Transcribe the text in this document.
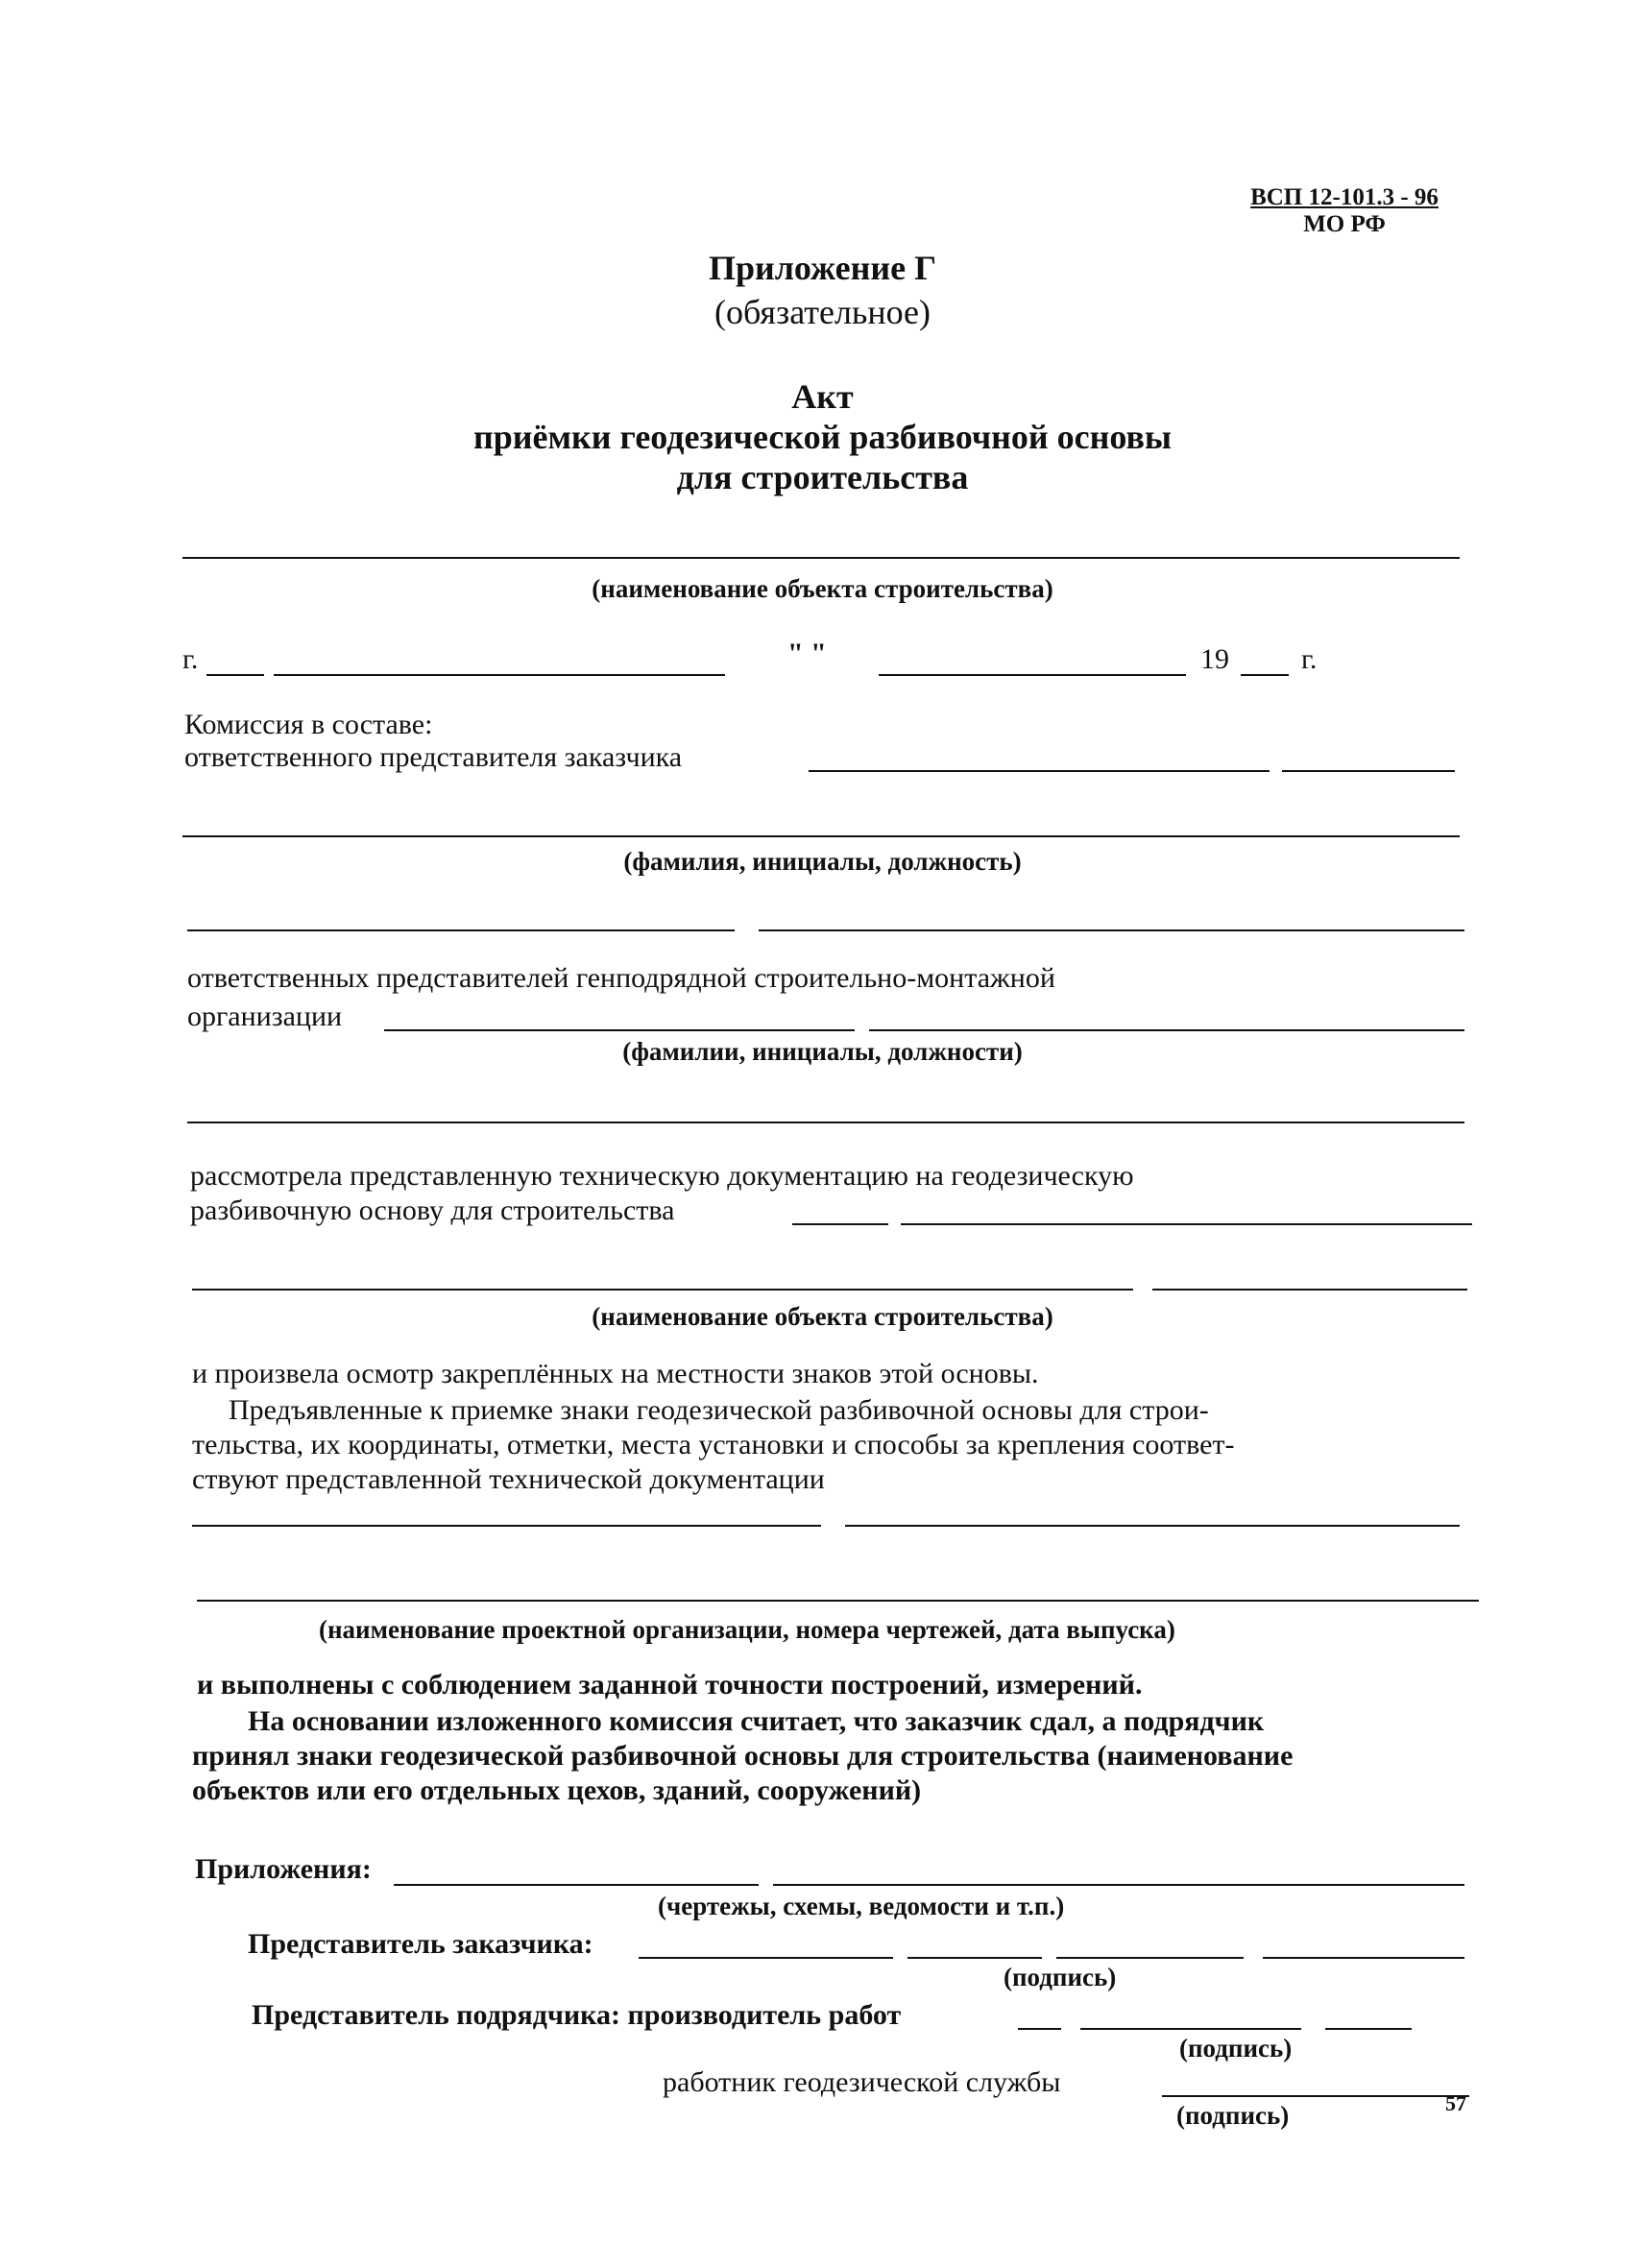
ВСП 12-101.3 - 96
МО РФ
Приложение Г
(обязательное)
Акт
приёмки геодезической разбивочной основы
для строительства
(наименование объекта строительства)
г.	" "	19	г.
Комиссия в составе:
ответственного представителя заказчика
(фамилия, инициалы, должность)
ответственных представителей генподрядной строительно-монтажной
организации
(фамилии, инициалы, должности)
рассмотрела представленную техническую документацию на геодезическую
разбивочную основу для строительства
(наименование объекта строительства)
и произвела осмотр закреплённых на местности знаков этой основы.
Предъявленные к приемке знаки геодезической разбивочной основы для строи-
тельства, их координаты, отметки, места установки и способы за крепления соответ-
ствуют представленной технической документации
(наименование проектной организации, номера чертежей, дата выпуска)
и выполнены с соблюдением заданной точности построений, измерений.
На основании изложенного комиссия считает, что заказчик сдал, а подрядчик
принял знаки геодезической разбивочной основы для строительства (наименование
объектов или его отдельных цехов, зданий, сооружений)
Приложения:
(чертежы, схемы, ведомости и т.п.)
Представитель заказчика:
(подпись)
Представитель подрядчика: производитель работ
(подпись)
работник геодезической службы
(подпись)	57
